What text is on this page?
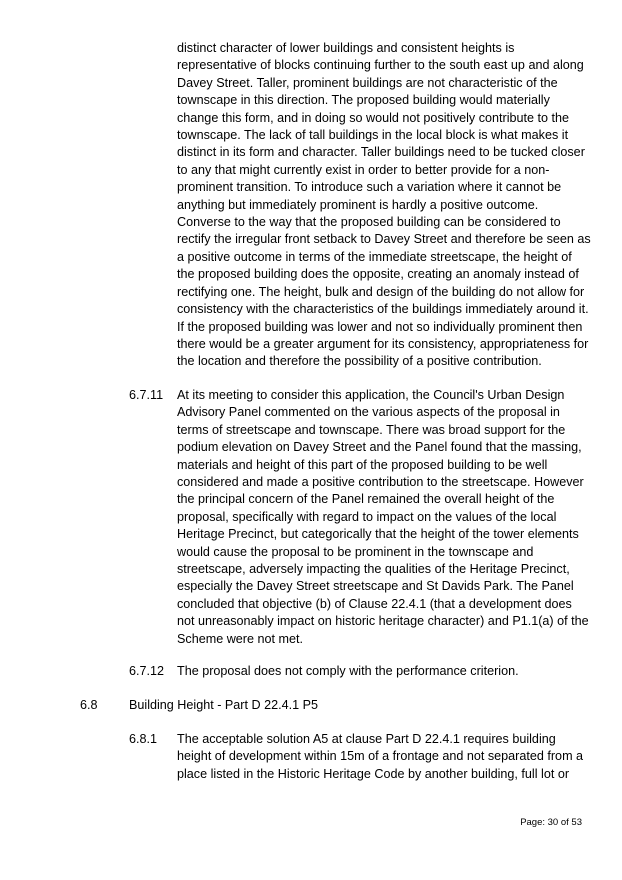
distinct character of lower buildings and consistent heights is representative of blocks continuing further to the south east up and along Davey Street. Taller, prominent buildings are not characteristic of the townscape in this direction. The proposed building would materially change this form, and in doing so would not positively contribute to the townscape. The lack of tall buildings in the local block is what makes it distinct in its form and character. Taller buildings need to be tucked closer to any that might currently exist in order to better provide for a non-prominent transition. To introduce such a variation where it cannot be anything but immediately prominent is hardly a positive outcome. Converse to the way that the proposed building can be considered to rectify the irregular front setback to Davey Street and therefore be seen as a positive outcome in terms of the immediate streetscape, the height of the proposed building does the opposite, creating an anomaly instead of rectifying one. The height, bulk and design of the building do not allow for consistency with the characteristics of the buildings immediately around it. If the proposed building was lower and not so individually prominent then there would be a greater argument for its consistency, appropriateness for the location and therefore the possibility of a positive contribution.

6.7.11 At its meeting to consider this application, the Council's Urban Design Advisory Panel commented on the various aspects of the proposal in terms of streetscape and townscape. There was broad support for the podium elevation on Davey Street and the Panel found that the massing, materials and height of this part of the proposed building to be well considered and made a positive contribution to the streetscape. However the principal concern of the Panel remained the overall height of the proposal, specifically with regard to impact on the values of the local Heritage Precinct, but categorically that the height of the tower elements would cause the proposal to be prominent in the townscape and streetscape, adversely impacting the qualities of the Heritage Precinct, especially the Davey Street streetscape and St Davids Park. The Panel concluded that objective (b) of Clause 22.4.1 (that a development does not unreasonably impact on historic heritage character) and P1.1(a) of the Scheme were not met.

6.7.12 The proposal does not comply with the performance criterion.

6.8 Building Height - Part D 22.4.1 P5
6.8.1 The acceptable solution A5 at clause Part D 22.4.1 requires building height of development within 15m of a frontage and not separated from a place listed in the Historic Heritage Code by another building, full lot or

Page: 30 of 53
